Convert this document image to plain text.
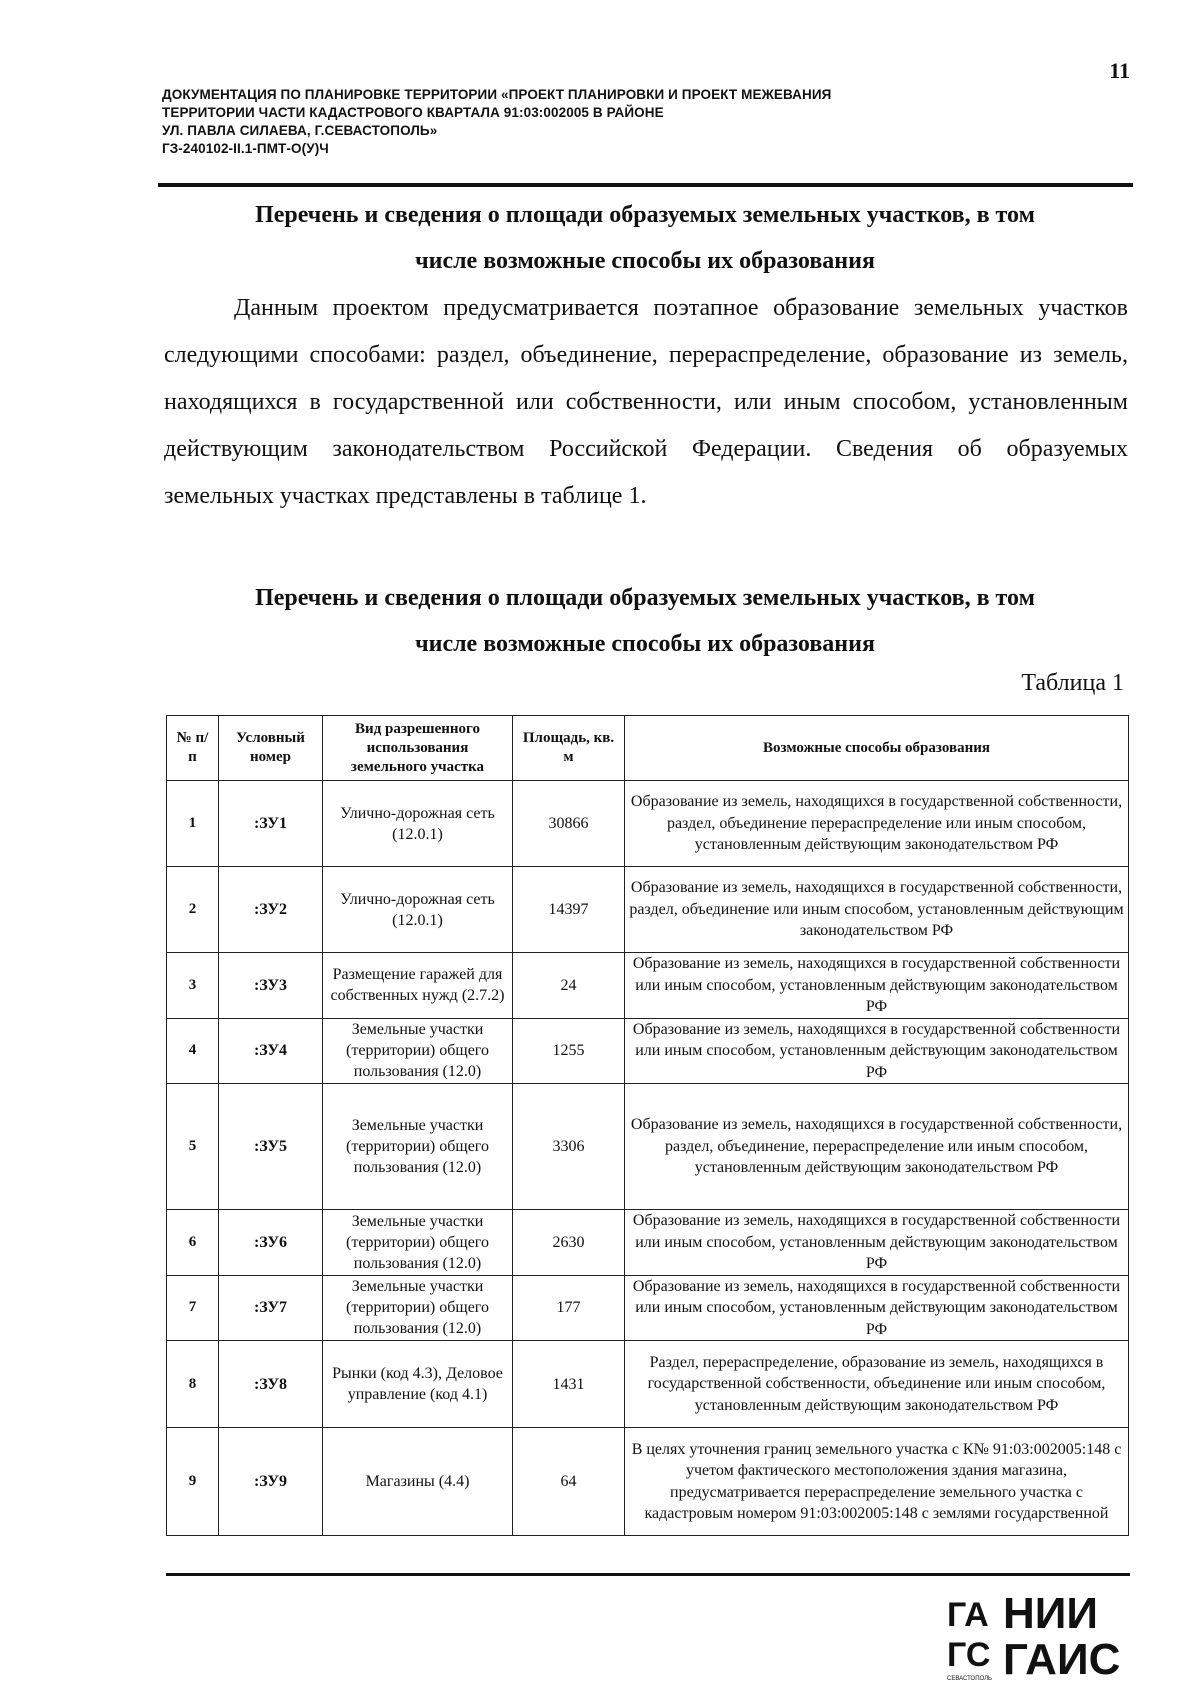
11
ДОКУМЕНТАЦИЯ ПО ПЛАНИРОВКЕ ТЕРРИТОРИИ «ПРОЕКТ ПЛАНИРОВКИ И ПРОЕКТ МЕЖЕВАНИЯ
ТЕРРИТОРИИ ЧАСТИ КАДАСТРОВОГО КВАРТАЛА 91:03:002005 В РАЙОНЕ
УЛ. ПАВЛА СИЛАЕВА, Г.СЕВАСТОПОЛЬ»
ГЗ-240102-II.1-ПМТ-О(У)Ч
Перечень и сведения о площади образуемых земельных участков, в том
числе возможные способы их образования
Данным проектом предусматривается поэтапное образование земельных участков следующими способами: раздел, объединение, перераспределение, образование из земель, находящихся в государственной или собственности, или иным способом, установленным действующим законодательством Российской Федерации. Сведения об образуемых земельных участках представлены в таблице 1.
Перечень и сведения о площади образуемых земельных участков, в том
числе возможные способы их образования
Таблица 1
№ п/п	Условный номер	Вид разрешенного использования земельного участка	Площадь, кв. м	Возможные способы образования
1	:ЗУ1	Улично-дорожная сеть (12.0.1)	30866	Образование из земель, находящихся в государственной собственности, раздел, объединение перераспределение или иным способом, установленным действующим законодательством РФ
2	:ЗУ2	Улично-дорожная сеть (12.0.1)	14397	Образование из земель, находящихся в государственной собственности, раздел, объединение или иным способом, установленным действующим законодательством РФ
3	:ЗУ3	Размещение гаражей для собственных нужд (2.7.2)	24	Образование из земель, находящихся в государственной собственности или иным способом, установленным действующим законодательством РФ
4	:ЗУ4	Земельные участки (территории) общего пользования (12.0)	1255	Образование из земель, находящихся в государственной собственности или иным способом, установленным действующим законодательством РФ
5	:ЗУ5	Земельные участки (территории) общего пользования (12.0)	3306	Образование из земель, находящихся в государственной собственности, раздел, объединение, перераспределение или иным способом, установленным действующим законодательством РФ
6	:ЗУ6	Земельные участки (территории) общего пользования (12.0)	2630	Образование из земель, находящихся в государственной собственности или иным способом, установленным действующим законодательством РФ
7	:ЗУ7	Земельные участки (территории) общего пользования (12.0)	177	Образование из земель, находящихся в государственной собственности или иным способом, установленным действующим законодательством РФ
8	:ЗУ8	Рынки (код 4.3), Деловое управление (код 4.1)	1431	Раздел, перераспределение, образование из земель, находящихся в государственной собственности, объединение или иным способом, установленным действующим законодательством РФ
9	:ЗУ9	Магазины (4.4)	64	В целях уточнения границ земельного участка с К№ 91:03:002005:148 с учетом фактического местоположения здания магазина, предусматривается перераспределение земельного участка с кадастровым номером 91:03:002005:148 с землями государственной
ГА
ГС
СЕВАСТОПОЛЬ
НИИ
ГАИС
